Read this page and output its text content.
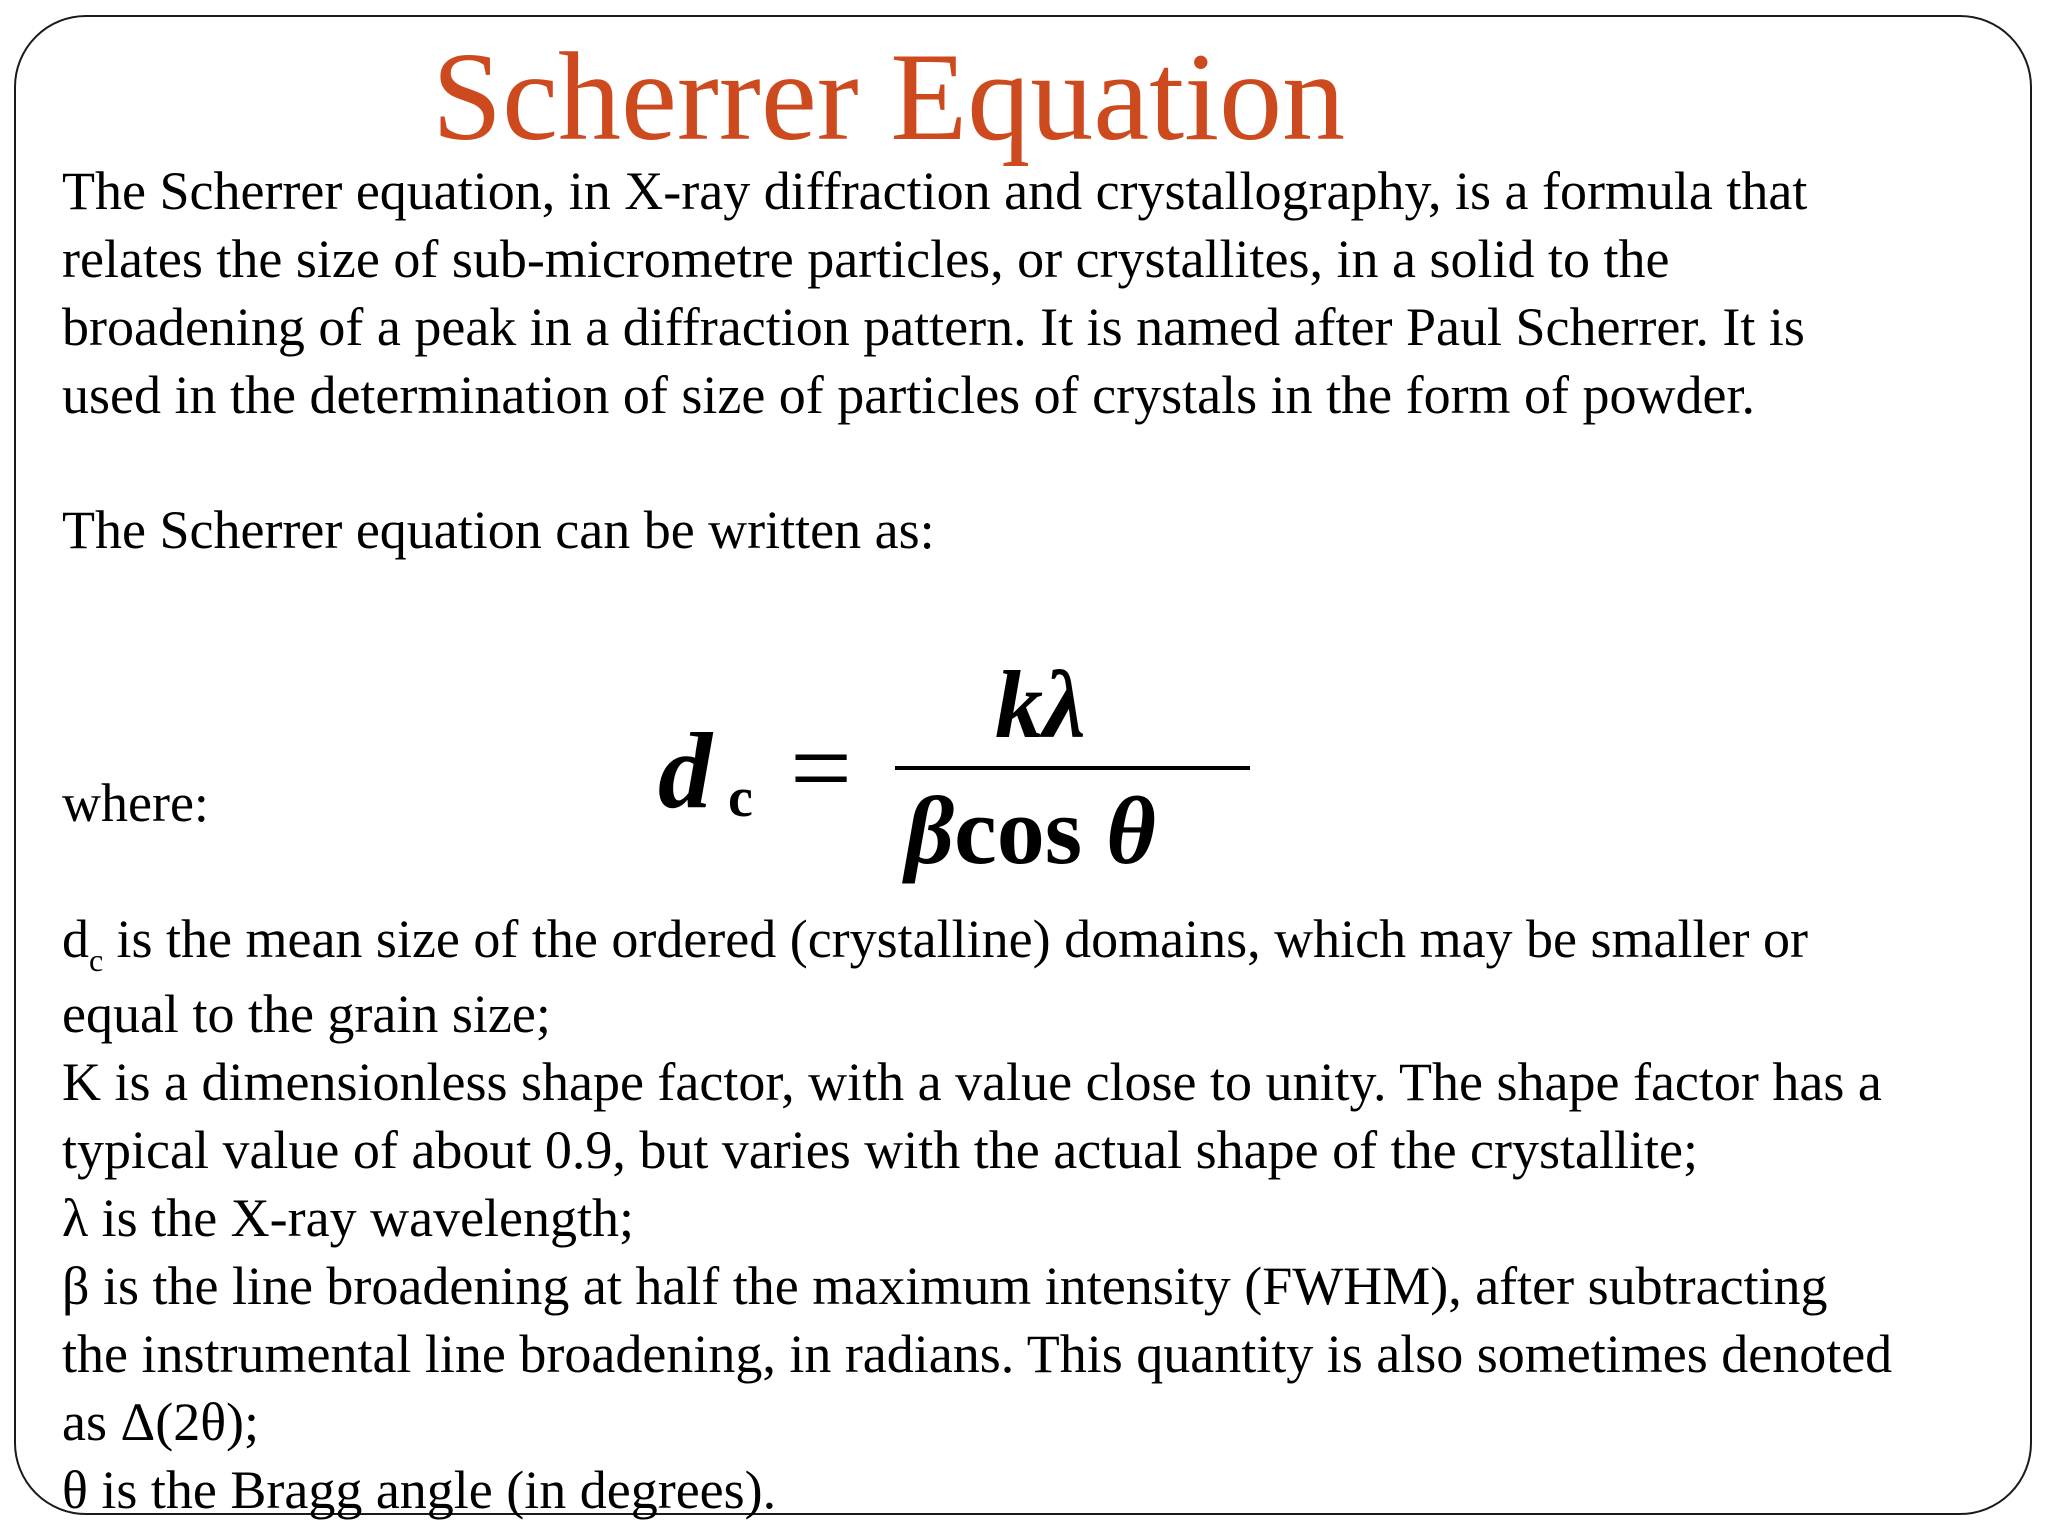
Scherrer Equation
The Scherrer equation, in X-ray diffraction and crystallography, is a formula that
relates the size of sub-micrometre particles, or crystallites, in a solid to the
broadening of a peak in a diffraction pattern. It is named after Paul Scherrer. It is
used in the determination of size of particles of crystals in the form of powder.
The Scherrer equation can be written as:
where:	d c =
kλ
βcos θ
dc is the mean size of the ordered (crystalline) domains, which may be smaller or
equal to the grain size;
K is a dimensionless shape factor, with a value close to unity. The shape factor has a
typical value of about 0.9, but varies with the actual shape of the crystallite;
λ is the X-ray wavelength;
β is the line broadening at half the maximum intensity (FWHM), after subtracting
the instrumental line broadening, in radians. This quantity is also sometimes denoted
as Δ(2θ);
θ is the Bragg angle (in degrees).
